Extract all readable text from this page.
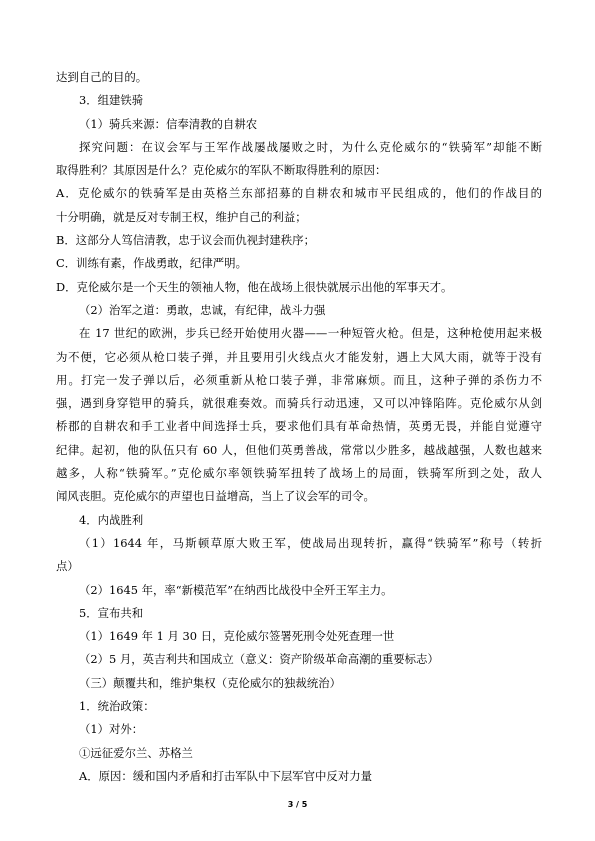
达到自己的目的。
3．组建铁骑
（1）骑兵来源：信奉清教的自耕农
探究问题：在议会军与王军作战屡战屡败之时，为什么克伦威尔的“铁骑军”却能不断
取得胜利？其原因是什么？克伦威尔的军队不断取得胜利的原因：
A．克伦威尔的铁骑军是由英格兰东部招募的自耕农和城市平民组成的，他们的作战目的
十分明确，就是反对专制王权，维护自己的利益；
B．这部分人笃信清教，忠于议会而仇视封建秩序；
C．训练有素，作战勇敢，纪律严明。
D．克伦威尔是一个天生的领袖人物，他在战场上很快就展示出他的军事天才。
（2）治军之道：勇敢，忠诚，有纪律，战斗力强
在 17 世纪的欧洲，步兵已经开始使用火器——一种短管火枪。但是，这种枪使用起来极
为不便，它必须从枪口装子弹，并且要用引火线点火才能发射，遇上大风大雨，就等于没有
用。打完一发子弹以后，必须重新从枪口装子弹，非常麻烦。而且，这种子弹的杀伤力不
强，遇到身穿铠甲的骑兵，就很难奏效。而骑兵行动迅速，又可以冲锋陷阵。克伦威尔从剑
桥郡的自耕农和手工业者中间选择士兵，要求他们具有革命热情，英勇无畏，并能自觉遵守
纪律。起初，他的队伍只有 60 人，但他们英勇善战，常常以少胜多，越战越强，人数也越来
越多，人称“铁骑军。”克伦威尔率领铁骑军扭转了战场上的局面，铁骑军所到之处，敌人
闻风丧胆。克伦威尔的声望也日益增高，当上了议会军的司令。
4．内战胜利
（1）1644 年，马斯顿草原大败王军，使战局出现转折，赢得“铁骑军”称号（转折
点）
（2）1645 年，率“新模范军”在纳西比战役中全歼王军主力。
5．宣布共和
（1）1649 年 1 月 30 日，克伦威尔签署死刑令处死查理一世
（2）5 月，英吉利共和国成立（意义：资产阶级革命高潮的重要标志）
（三）颠覆共和，维护集权（克伦威尔的独裁统治）
1．统治政策：
（1）对外：
①远征爱尔兰、苏格兰
A．原因：缓和国内矛盾和打击军队中下层军官中反对力量
3 / 5
